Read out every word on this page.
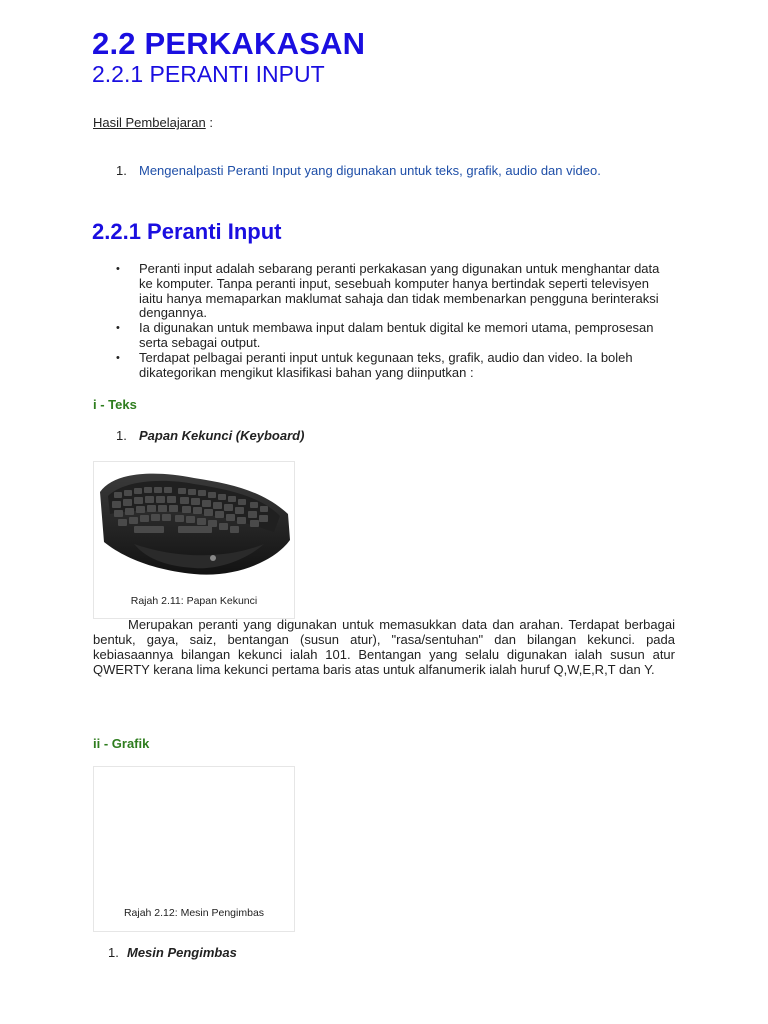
2.2 PERKAKASAN
2.2.1 PERANTI INPUT
Hasil Pembelajaran :
1. Mengenalpasti Peranti Input yang digunakan untuk teks, grafik, audio dan video.
2.2.1 Peranti Input
• Peranti input adalah sebarang peranti perkakasan yang digunakan untuk menghantar data ke komputer. Tanpa peranti input, sesebuah komputer hanya bertindak seperti televisyen iaitu hanya memaparkan maklumat sahaja dan tidak membenarkan pengguna berinteraksi dengannya.
• Ia digunakan untuk membawa input dalam bentuk digital ke memori utama, pemprosesan serta sebagai output.
• Terdapat pelbagai peranti input untuk kegunaan teks, grafik, audio dan video. Ia boleh dikategorikan mengikut klasifikasi bahan yang diinputkan :
i - Teks
1. Papan Kekunci (Keyboard)
Rajah 2.11: Papan Kekunci
Merupakan peranti yang digunakan untuk memasukkan data dan arahan. Terdapat berbagai bentuk, gaya, saiz, bentangan (susun atur), "rasa/sentuhan" dan bilangan kekunci. pada kebiasaannya bilangan kekunci ialah 101. Bentangan yang selalu digunakan ialah susun atur QWERTY kerana lima kekunci pertama baris atas untuk alfanumerik ialah huruf Q,W,E,R,T dan Y.
ii - Grafik
Rajah 2.12: Mesin Pengimbas
1. Mesin Pengimbas
